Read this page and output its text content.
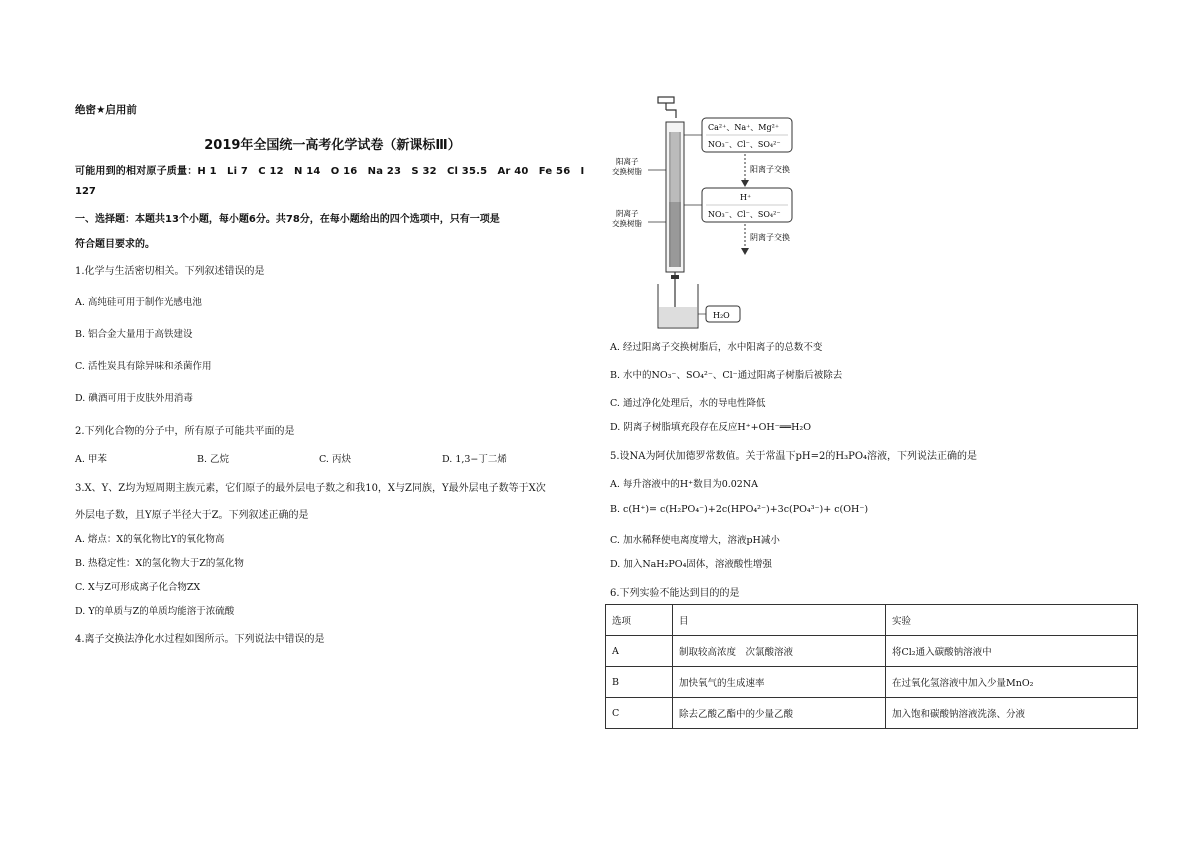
绝密★启用前
2019年全国统一高考化学试卷（新课标Ⅲ）
可能用到的相对原子质量：H 1　Li 7　C 12　N 14　O 16　Na 23　S 32　Cl 35.5　Ar 40　Fe 56　I
127
一、选择题：本题共13个小题，每小题6分。共78分，在每小题给出的四个选项中，只有一项是
符合题目要求的。
1.化学与生活密切相关。下列叙述错误的是
A. 高纯硅可用于制作光感电池
B. 铝合金大量用于高铁建设
C. 活性炭具有除异味和杀菌作用
D. 碘酒可用于皮肤外用消毒
2.下列化合物的分子中，所有原子可能共平面的是
A. 甲苯	B. 乙烷	C. 丙炔	D. 1,3−丁二烯
3.X、Y、Z均为短周期主族元素，它们原子的最外层电子数之和我10，X与Z同族，Y最外层电子数等于X次
外层电子数，且Y原子半径大于Z。下列叙述正确的是
A. 熔点：X的氧化物比Y的氧化物高
B. 热稳定性：X的氢化物大于Z的氢化物
C. X与Z可形成离子化合物ZX
D. Y的单质与Z的单质均能溶于浓硫酸
4.离子交换法净化水过程如图所示。下列说法中错误的是
Ca²⁺、Na⁺、Mg²⁺
NO₃⁻、Cl⁻、SO₄²⁻
阳离子交换
H⁺
NO₃⁻、Cl⁻、SO₄²⁻
阴离子交换
阳离子
交换树脂
阴离子
交换树脂
H₂O
A. 经过阳离子交换树脂后，水中阳离子的总数不变
B. 水中的NO₃⁻、SO₄²⁻、Cl⁻通过阳离子树脂后被除去
C. 通过净化处理后，水的导电性降低
D. 阴离子树脂填充段存在反应H⁺+OH⁻══H₂O
5.设NA为阿伏加德罗常数值。关于常温下pH=2的H₃PO₄溶液，下列说法正确的是
A. 每升溶液中的H⁺数目为0.02NA
B. c(H⁺)= c(H₂PO₄⁻)+2c(HPO₄²⁻)+3c(PO₄³⁻)+ c(OH⁻)
C. 加水稀释使电离度增大，溶液pH减小
D. 加入NaH₂PO₄固体，溶液酸性增强
6.下列实验不能达到目的的是
选项	目	实验
A	制取较高浓度　次氯酸溶液	将Cl₂通入碳酸钠溶液中
B	加快氧气的生成速率	在过氧化氢溶液中加入少量MnO₂
C	除去乙酸乙酯中的少量乙酸	加入饱和碳酸钠溶液洗涤、分液
